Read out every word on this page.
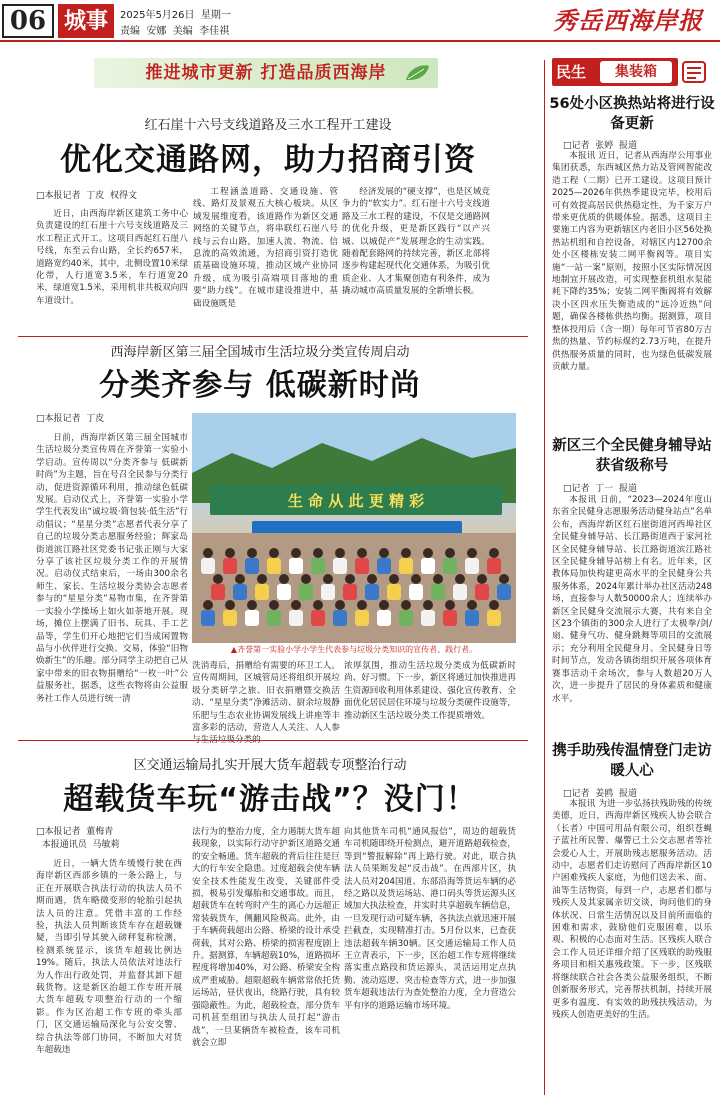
06 城事	2025年5月26日  星期一
责编  安娜  美编  李佳祺	秀岳西海岸报
推进城市更新 打造品质西海岸
红石崖十六号支线道路及三水工程开工建设
优化交通路网，助力招商引资
□本报记者  丁皮  权得文

近日，由西海岸新区建筑工务中心负责建设的红石崖十六号支线道路及三水工程正式开工。这项目西起红石崖八号线，东至云台山路，全长约657米，道路宽约40米，其中，北侧设置10米绿化带，人行道宽3.5米，车行道宽20米，绿道宽1.5米，采用机非共板双向四车道设计。

工程涵盖道路、交通设施、管线、路灯及景观五大核心板块。从区域发展维度看，该道路作为新区交通网络的关键节点，将串联红石崖八号线与云台山路，加速人流、物流、信息流的高效流通，为招商引资打造优质基础设施环境，推动区域产业协同升级，成为吸引高端项目落地的重要“助力线”。在城市建设推进中，基础设施既是

经济发展的“硬支撑”，也是区域竞争力的“软实力”。红石崖十六号支线道路及三水工程的建设，不仅是交通路网的优化升级，更是新区践行“以产兴城、以城促产”发展理念的生动实践。随着配套路网的持续完善，新区北部将逐步构建起现代化交通体系，为吸引优质企业、人才集聚创造有利条件，成为撬动城市高质量发展的全新增长极。

西海岸新区第三届全国城市生活垃圾分类宣传周启动
分类齐参与 低碳新时尚
□本报记者  丁皮

日前，西海岸新区第三届全国城市生活垃圾分类宣传周在齐誉第一实验小学启动。宣传周以“分类齐参与 低碳新时尚”为主题，旨在号召全民参与分类行动，促进资源循环利用，推动绿色低碳发展。启动仪式上，齐誉第一实验小学学生代表发出“诚垃圾·简包装·低生活”行动倡议；“星星分类”志愿者代表分享了自己的垃圾分类志愿服务经验；辉家岛街道滨江路社区党委书记张正刚与大家分享了该社区垃圾分类工作的开展情况。启动仪式结束后，一场由300余名师生、家长、生活垃圾分类协会志愿者参与的“星星分类”易物市集，在齐誉第一实验小学操场上如火如荼地开展。现场，摊位上摆满了旧书、玩具、手工艺品等，学生们开心地把它们当成闲置物品与小伙伴进行交换、交易，体验“旧物焕新生”的乐趣。部分同学主动把自己从家中带来的旧衣物捐赠给“一枚一叶”公益服务社，据悉，这些衣物将由公益服务社工作人员进行统一清

生 命 从 此 更 精 彩
▲齐誉第一实验小学小学生代表参与垃圾分类知识的宣传者、践行者。

洗消毒后，捐赠给有需要的环卫工人。宣传周期间，区城管局还将组织开展垃圾分类研学之旅、旧衣捐赠暨交换活动、“星星分类”净滩活动、厨余垃圾静乐肥与生态农业协调发展线上讲座等丰富多彩的活动，营造人人关注、人人参与生活垃圾分类的

浓厚氛围，推动生活垃圾分类成为低碳新时尚、好习惯。下一步，新区将通过加快推进再生资源回收利用体系建设、强化宣传教育、全面优化居民居住环境与垃圾分类硬件设施等，推动新区生活垃圾分类工作提质增效。

区交通运输局扎实开展大货车超载专项整治行动
超载货车玩“游击战”？没门！
□本报记者  董梅青
本报通讯员  马敏莉

近日，一辆大货车缓慢行驶在西海岸新区西部乡镇的一条公路上，与正在开展联合执法行动的执法人员不期而遇，货车略微变形的轮胎引起执法人员的注意。凭借丰富的工作经验，执法人员判断该货车存在超载嫌疑，当即引导其驶入磅秤复称检测，检测系统显示，该货车超载比例达19%。随后，执法人员依法对违法行为人作出行政处罚，并监督其卸下超载货物。这是新区治超工作专班开展大货车超载专项整治行动的一个缩影。作为区治超工作专班的牵头部门，区交通运输局深化与公安交警、综合执法等部门协同，不断加大对货车超载违

法行为的整治力度，全力遏制大货车超载现象，以实际行动守护新区道路交通的安全畅通。货车超载的背后往往是巨大的行车安全隐患。过度超载会使车辆安全技术性能发生改变，关键部件受损，极易引发爆胎和交通事故。而且，超载货车在转弯时产生的离心力远超正常装载货车，侧翻风险极高。此外，由于车辆荷载超出公路、桥梁的设计承受荷载，其对公路、桥梁的损害程度剧上升。据测算，车辆超载10%，道路损坏程度将增加40%，对公路、桥梁安全构成严重威胁。超限超载车辆常常依托货运场站，昼伏夜出，绕路行驶，具有较强隐蔽性。为此，超载检查，部分货车司机甚至组团与执法人员打起“游击战”，一旦某辆货车被检查，该车司机就会立即

向其他货车司机“通风报信”，周边的超载货车司机随即绕开检测点，避开道路超载检查，等到“警报解除”再上路行驶。对此，联合执法人员果断发起“反击战”。在西部片区，执法人员对204国道、东部沿海等货运车辆的必经之路以及货运场站、港口码头等货运源头区域加大执法检查，并实时共享超载车辆信息，一旦发现行动可疑车辆，各执法点就迅速开展拦截查，实现精准打击。5月份以来，已查获违法超载车辆30辆。区交通运输局工作人员王立青表示，下一步，区治超工作专班将继续落实重点路段和货运源头，灵活运用定点执勤、流动巡逻、突击检查等方式，进一步加强货车超载违法行为查处整治力度，全力营造公平有序的道路运输市场环境。

民生	集装箱
56处小区换热站将进行设备更新
□记者  张婷  报道

本报讯 近日，记者从西海岸公用事业集团获悉，东西城区热力站及管网智能改造工程（二期）已开工建设。这项目预计2025—2026年供热季建设完毕，校用后可有效提高居民供热稳定性，为千家万户带来更优质的供暖体验。据悉，这项目主要施工内容为更新辖区内老旧小区56处换热站机组和自控设备，对辖区内12700余处小区楼栋安装二网平衡阀等。项目实施“一站一案”原则，按照小区实际情况因地制宜开展改造，可实现整套机组水泵能耗下降约35%；安装二网平衡阀将有效解决小区四水压失衡造成的“远冷近热”问题，确保各楼栋供热均衡。据测算，项目整体投用后（含一期）每年可节省80万吉焦的热量、节约标煤约2.73万吨，在提升供热服务质量的同时，也为绿色低碳发展贡献力量。

新区三个全民健身辅导站获省级称号
□记者  丁一  报道

本报讯 日前，“2023—2024年度山东省全民健身志愿服务活动健身站点”名单公布，西海岸新区红石崖街道河西埠社区全民健身辅导站、长江路街道西于家河社区全民健身辅导站、长江路街道滨江路社区全民健身辅导站榜上有名。近年来，区教体局加快构建更高水平的全民健身公共服务体系，2024年累计举办社区活动248场，直接参与人数50000余人；连续举办新区全民健身交流展示大赛，共有来自全区23个镇街的300余人进行了太极拳/剑/扇、健身气功、健身跳舞等项目的交流展示；充分利用全民健身月、全民健身日等时间节点，发动各镇街组织开展各项体育赛事活动千余场次，参与人数超20万人次，进一步提升了居民的身体素质和健康水平。

携手助残传温情登门走访暖人心
□记者  姜鸥  报道

本报讯 为进一步弘扬扶残助残的传统美德，近日，西海岸新区残疾人协会联合（长者）中国可用品有限公司，组织苍蝇子蓝社所民警、爆警已土公交志愿者等社会爱心人士，开展助残志愿服务活动。活动中，志愿者们走访慰问了西海岸新区10户困难残疾人家庭，为他们送去米、面、油等生活物资，每到一户，志愿者们都与残疾人及其家属亲切交谈，询问他们的身体状况、日常生活情况以及目前所面临的困难和需求，鼓励他们克服困难，以乐观、积极的心态面对生活。区残疾人联合会工作人员还详细介绍了区残联的助残服务项目和相关惠残政策。下一步，区残联将继续联合社会各类公益服务组织，不断创新服务形式，完善帮扶机制，持续开展更多有温度、有实效的助残扶残活动，为残疾人创造更美好的生活。
